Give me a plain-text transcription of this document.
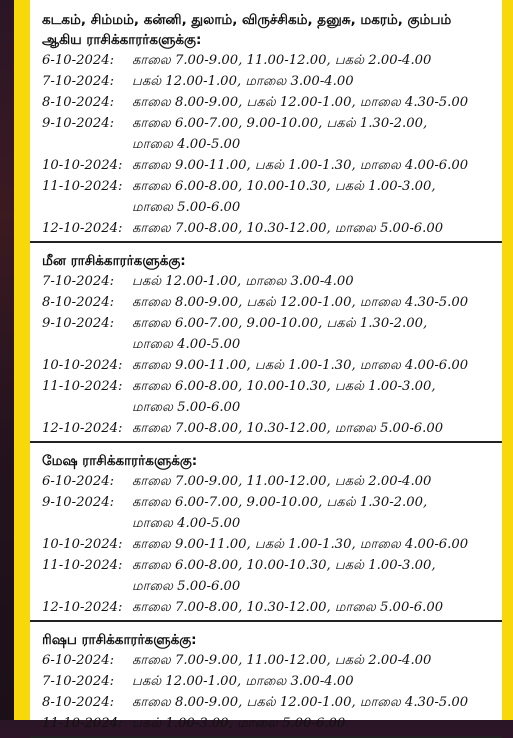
கடகம், சிம்மம், கன்னி, துலாம், விருச்சிகம், தனுசு, மகரம், கும்பம்
ஆகிய ராசிக்காரர்களுக்கு:
6-10-2024:	காலை 7.00-9.00, 11.00-12.00, பகல் 2.00-4.00
7-10-2024:	பகல் 12.00-1.00, மாலை 3.00-4.00
8-10-2024:	காலை 8.00-9.00, பகல் 12.00-1.00, மாலை 4.30-5.00
9-10-2024:	காலை 6.00-7.00, 9.00-10.00, பகல் 1.30-2.00,
மாலை 4.00-5.00
10-10-2024: காலை 9.00-11.00, பகல் 1.00-1.30, மாலை 4.00-6.00
11-10-2024: காலை 6.00-8.00, 10.00-10.30, பகல் 1.00-3.00,
மாலை 5.00-6.00
12-10-2024: காலை 7.00-8.00, 10.30-12.00, மாலை 5.00-6.00
மீன ராசிக்காரர்களுக்கு:
7-10-2024:	பகல் 12.00-1.00, மாலை 3.00-4.00
8-10-2024:	காலை 8.00-9.00, பகல் 12.00-1.00, மாலை 4.30-5.00
9-10-2024:	காலை 6.00-7.00, 9.00-10.00, பகல் 1.30-2.00,
மாலை 4.00-5.00
10-10-2024: காலை 9.00-11.00, பகல் 1.00-1.30, மாலை 4.00-6.00
11-10-2024: காலை 6.00-8.00, 10.00-10.30, பகல் 1.00-3.00,
மாலை 5.00-6.00
12-10-2024: காலை 7.00-8.00, 10.30-12.00, மாலை 5.00-6.00
மேஷ ராசிக்காரர்களுக்கு:
6-10-2024:	காலை 7.00-9.00, 11.00-12.00, பகல் 2.00-4.00
9-10-2024:	காலை 6.00-7.00, 9.00-10.00, பகல் 1.30-2.00,
மாலை 4.00-5.00
10-10-2024: காலை 9.00-11.00, பகல் 1.00-1.30, மாலை 4.00-6.00
11-10-2024: காலை 6.00-8.00, 10.00-10.30, பகல் 1.00-3.00,
மாலை 5.00-6.00
12-10-2024: காலை 7.00-8.00, 10.30-12.00, மாலை 5.00-6.00
ரிஷப ராசிக்காரர்களுக்கு:
6-10-2024:	காலை 7.00-9.00, 11.00-12.00, பகல் 2.00-4.00
7-10-2024:	பகல் 12.00-1.00, மாலை 3.00-4.00
8-10-2024:	காலை 8.00-9.00, பகல் 12.00-1.00, மாலை 4.30-5.00
11-10-2024: பகல் 1.00-3.00, மாலை 5.00-6.00
